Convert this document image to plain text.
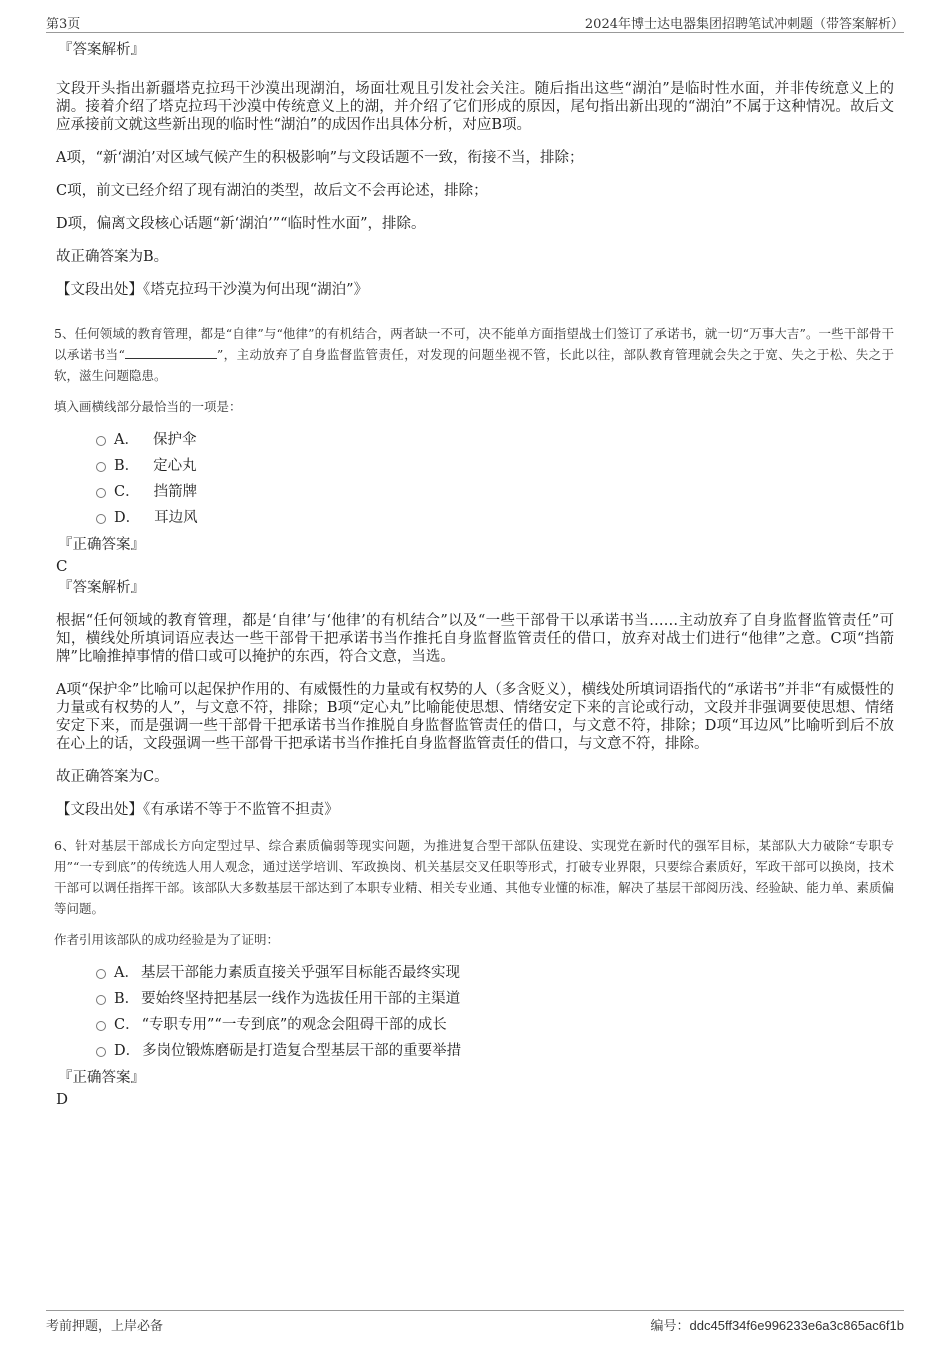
第3页	2024年博士达电器集团招聘笔试冲刺题（带答案解析）

『答案解析』

文段开头指出新疆塔克拉玛干沙漠出现湖泊，场面壮观且引发社会关注。随后指出这些“湖泊”是临时性水面，并非传统意义上的湖。接着介绍了塔克拉玛干沙漠中传统意义上的湖，并介绍了它们形成的原因，尾句指出新出现的“湖泊”不属于这种情况。故后文应承接前文就这些新出现的临时性“湖泊”的成因作出具体分析，对应B项。

A项，“新‘湖泊’对区域气候产生的积极影响”与文段话题不一致，衔接不当，排除；

C项，前文已经介绍了现有湖泊的类型，故后文不会再论述，排除；

D项，偏离文段核心话题“新‘湖泊’”“临时性水面”，排除。

故正确答案为B。

【文段出处】《塔克拉玛干沙漠为何出现“湖泊”》

5、任何领域的教育管理，都是“自律”与“他律”的有机结合，两者缺一不可，决不能单方面指望战士们签订了承诺书，就一切“万事大吉”。一些干部骨干以承诺书当“	”，主动放弃了自身监督监管责任，对发现的问题坐视不管，长此以往，部队教育管理就会失之于宽、失之于松、失之于软，滋生问题隐患。

填入画横线部分最恰当的一项是：

A． 保护伞
B． 定心丸
C． 挡箭牌
D． 耳边风

『正确答案』

C

『答案解析』

根据“任何领域的教育管理，都是‘自律’与‘他律’的有机结合”以及“一些干部骨干以承诺书当……主动放弃了自身监督监管责任”可知，横线处所填词语应表达一些干部骨干把承诺书当作推托自身监督监管责任的借口，放弃对战士们进行“他律”之意。C项“挡箭牌”比喻推掉事情的借口或可以掩护的东西，符合文意，当选。

A项“保护伞”比喻可以起保护作用的、有威慑性的力量或有权势的人（多含贬义），横线处所填词语指代的“承诺书”并非“有威慑性的力量或有权势的人”，与文意不符，排除；B项“定心丸”比喻能使思想、情绪安定下来的言论或行动，文段并非强调要使思想、情绪安定下来，而是强调一些干部骨干把承诺书当作推脱自身监督监管责任的借口，与文意不符，排除；D项“耳边风”比喻听到后不放在心上的话，文段强调一些干部骨干把承诺书当作推托自身监督监管责任的借口，与文意不符，排除。

故正确答案为C。

【文段出处】《有承诺不等于不监管不担责》

6、针对基层干部成长方向定型过早、综合素质偏弱等现实问题，为推进复合型干部队伍建设、实现党在新时代的强军目标，某部队大力破除“专职专用”“一专到底”的传统选人用人观念，通过送学培训、军政换岗、机关基层交叉任职等形式，打破专业界限，只要综合素质好，军政干部可以换岗，技术干部可以调任指挥干部。该部队大多数基层干部达到了本职专业精、相关专业通、其他专业懂的标准，解决了基层干部阅历浅、经验缺、能力单、素质偏等问题。

作者引用该部队的成功经验是为了证明：

A． 基层干部能力素质直接关乎强军目标能否最终实现
B． 要始终坚持把基层一线作为选拔任用干部的主渠道
C． “专职专用”“一专到底”的观念会阻碍干部的成长
D． 多岗位锻炼磨砺是打造复合型基层干部的重要举措

『正确答案』

D

考前押题，上岸必备	编号：ddc45ff34f6e996233e6a3c865ac6f1b
